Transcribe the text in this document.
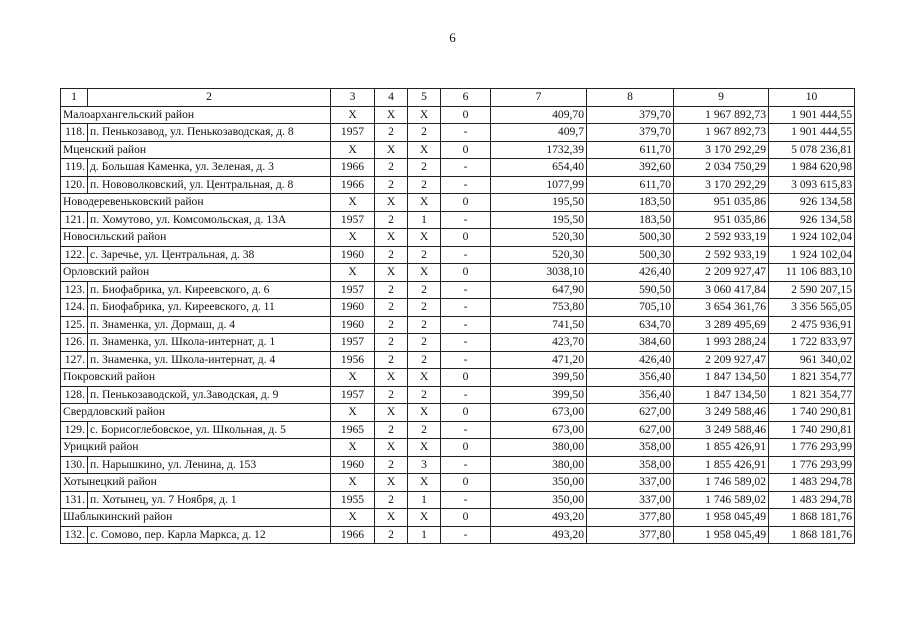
6
1	2	3	4	5	6	7	8	9	10
Малоархангельский район		Х	Х	Х	0	409,70	379,70	1 967 892,73	1 901 444,55
118.	п. Пенькозавод, ул. Пенькозаводская, д. 8	1957	2	2	-	409,7	379,70	1 967 892,73	1 901 444,55
Мценский район		Х	Х	Х	0	1732,39	611,70	3 170 292,29	5 078 236,81
119.	д. Большая Каменка, ул. Зеленая, д. 3	1966	2	2	-	654,40	392,60	2 034 750,29	1 984 620,98
120.	п. Нововолковский, ул. Центральная, д. 8	1966	2	2	-	1077,99	611,70	3 170 292,29	3 093 615,83
Новодеревеньковский район		Х	Х	Х	0	195,50	183,50	951 035,86	926 134,58
121.	п. Хомутово, ул. Комсомольская, д. 13А	1957	2	1	-	195,50	183,50	951 035,86	926 134,58
Новосильский район		Х	Х	Х	0	520,30	500,30	2 592 933,19	1 924 102,04
122.	с. Заречье, ул. Центральная, д. 38	1960	2	2	-	520,30	500,30	2 592 933,19	1 924 102,04
Орловский район		Х	Х	Х	0	3038,10	426,40	2 209 927,47	11 106 883,10
123.	п. Биофабрика, ул. Киреевского, д. 6	1957	2	2	-	647,90	590,50	3 060 417,84	2 590 207,15
124.	п. Биофабрика, ул. Киреевского, д. 11	1960	2	2	-	753,80	705,10	3 654 361,76	3 356 565,05
125.	п. Знаменка, ул. Дормаш, д. 4	1960	2	2	-	741,50	634,70	3 289 495,69	2 475 936,91
126.	п. Знаменка, ул. Школа-интернат, д. 1	1957	2	2	-	423,70	384,60	1 993 288,24	1 722 833,97
127.	п. Знаменка, ул. Школа-интернат, д. 4	1956	2	2	-	471,20	426,40	2 209 927,47	961 340,02
Покровский район		Х	Х	Х	0	399,50	356,40	1 847 134,50	1 821 354,77
128.	п. Пенькозаводской, ул.Заводская, д. 9	1957	2	2	-	399,50	356,40	1 847 134,50	1 821 354,77
Свердловский район		Х	Х	Х	0	673,00	627,00	3 249 588,46	1 740 290,81
129.	с. Борисоглебовское, ул. Школьная, д. 5	1965	2	2	-	673,00	627,00	3 249 588,46	1 740 290,81
Урицкий район		Х	Х	Х	0	380,00	358,00	1 855 426,91	1 776 293,99
130.	п. Нарышкино, ул. Ленина, д. 153	1960	2	3	-	380,00	358,00	1 855 426,91	1 776 293,99
Хотынецкий район		Х	Х	Х	0	350,00	337,00	1 746 589,02	1 483 294,78
131.	п. Хотынец, ул. 7 Ноября, д. 1	1955	2	1	-	350,00	337,00	1 746 589,02	1 483 294,78
Шаблыкинский район		Х	Х	Х	0	493,20	377,80	1 958 045,49	1 868 181,76
132.	с. Сомово, пер. Карла Маркса, д. 12	1966	2	1	-	493,20	377,80	1 958 045,49	1 868 181,76
